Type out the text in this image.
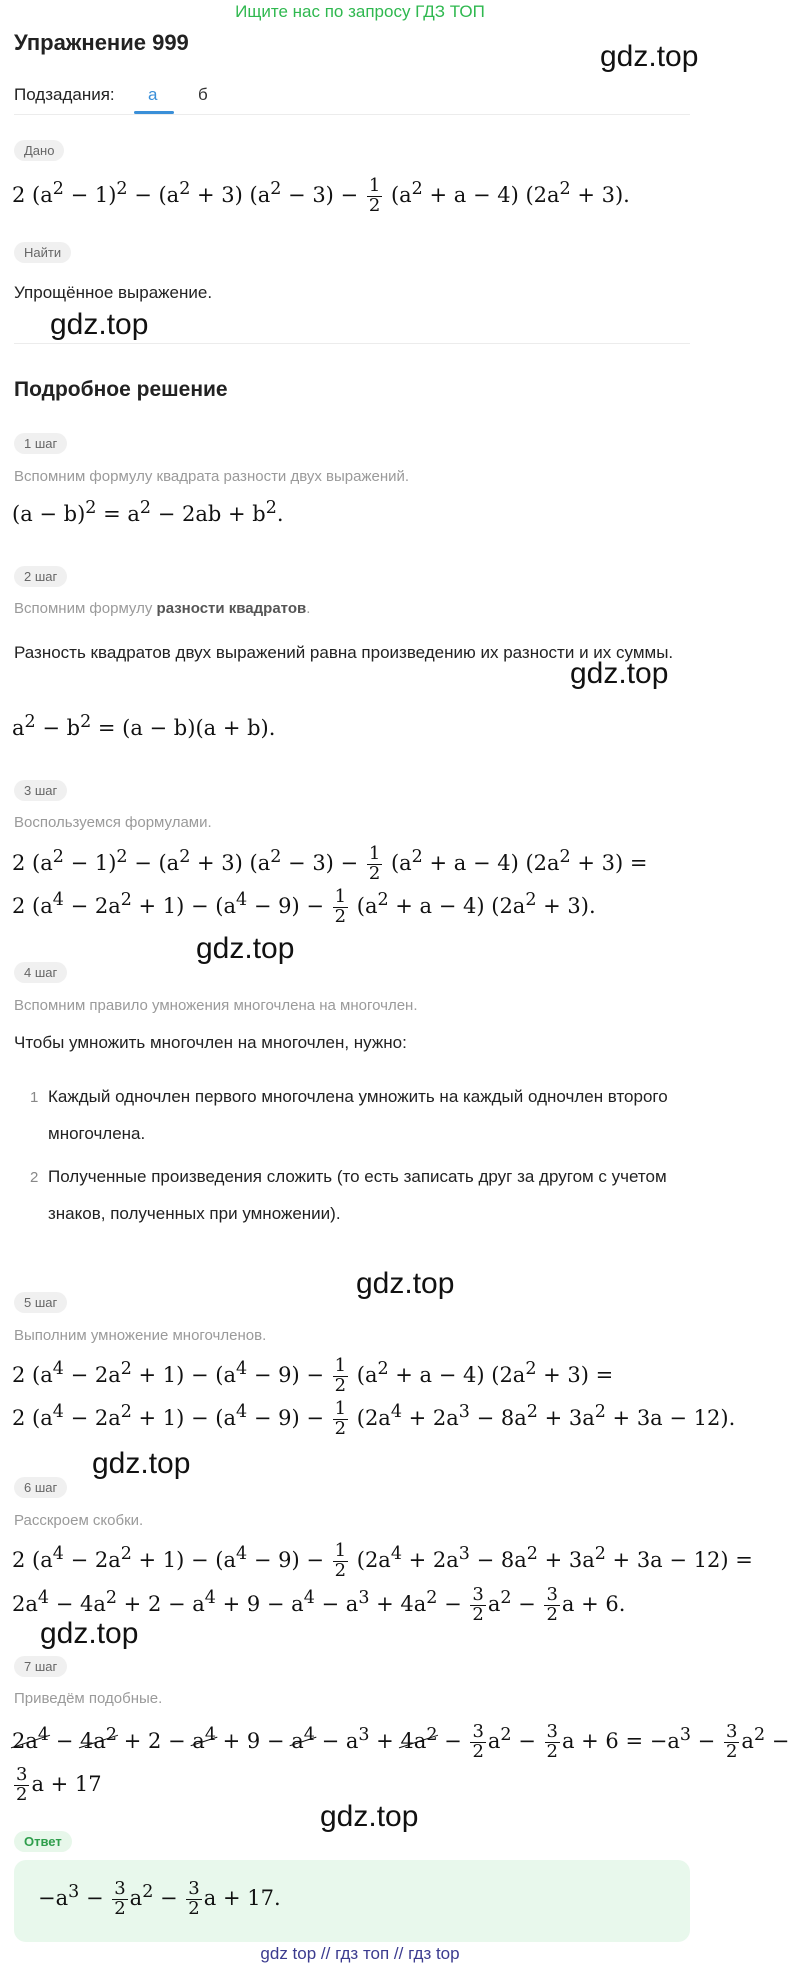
Ищите нас по запросу ГДЗ ТОП
Упражнение 999	gdz.top
Подзадания: а б
Дано
2 $(a^2 - 1)^2 - (a^2 + 3) (a^2 - 3) - \frac{1}{2} (a^2 + a - 4) (2a^2 + 3)$.
Найти
Упрощённое выражение.
gdz.top
Подробное решение
1 шаг
Вспомним формулу квадрата разности двух выражений.
$(a - b)^2 = a^2 - 2ab + b^2$.
2 шаг
Вспомним формулу разности квадратов.
Разность квадратов двух выражений равна произведению их разности и их суммы.
gdz.top
$a^2 - b^2 = (a - b)(a + b)$.
3 шаг
Воспользуемся формулами.
2 $(a^2 - 1)^2 - (a^2 + 3) (a^2 - 3) - \frac{1}{2} (a^2 + a - 4) (2a^2 + 3)$ =
2 $(a^4 - 2a^2 + 1) - (a^4 - 9) - \frac{1}{2} (a^2 + a - 4) (2a^2 + 3)$.
gdz.top
4 шаг
Вспомним правило умножения многочлена на многочлен.
Чтобы умножить многочлен на многочлен, нужно:
1 Каждый одночлен первого многочлена умножить на каждый одночлен второго многочлена.
2 Полученные произведения сложить (то есть записать друг за другом с учетом знаков, полученных при умножении).
gdz.top
5 шаг
Выполним умножение многочленов.
2 $(a^4 - 2a^2 + 1) - (a^4 - 9) - \frac{1}{2} (a^2 + a - 4) (2a^2 + 3)$ =
2 $(a^4 - 2a^2 + 1) - (a^4 - 9) - \frac{1}{2} (2a^4 + 2a^3 - 8a^2 + 3a^2 + 3a - 12)$.
gdz.top
6 шаг
Расскроем скобки.
2 $(a^4 - 2a^2 + 1) - (a^4 - 9) - \frac{1}{2} (2a^4 + 2a^3 - 8a^2 + 3a^2 + 3a - 12)$ =
$2a^4 - 4a^2 + 2 - a^4 + 9 - a^4 - a^3 + 4a^2 - \frac{3}{2} a^2 - \frac{3}{2}$ a + 6.
gdz.top
7 шаг
Приведём подобные.
$2a^4 - 4a^2 + 2 - a^4 + 9 - a^4 - a^3 + 4a^2 - \frac{3}{2} a^2 - \frac{3}{2}$ $a + 6 = -a^3 - \frac{3}{2} a^2$ −
$\frac{3}{2}$ a + 17
gdz.top
Ответ
$-a^3 - \frac{3}{2} a^2 - \frac{3}{2}$ a + 17.
gdz top // гдз топ // гдз top
